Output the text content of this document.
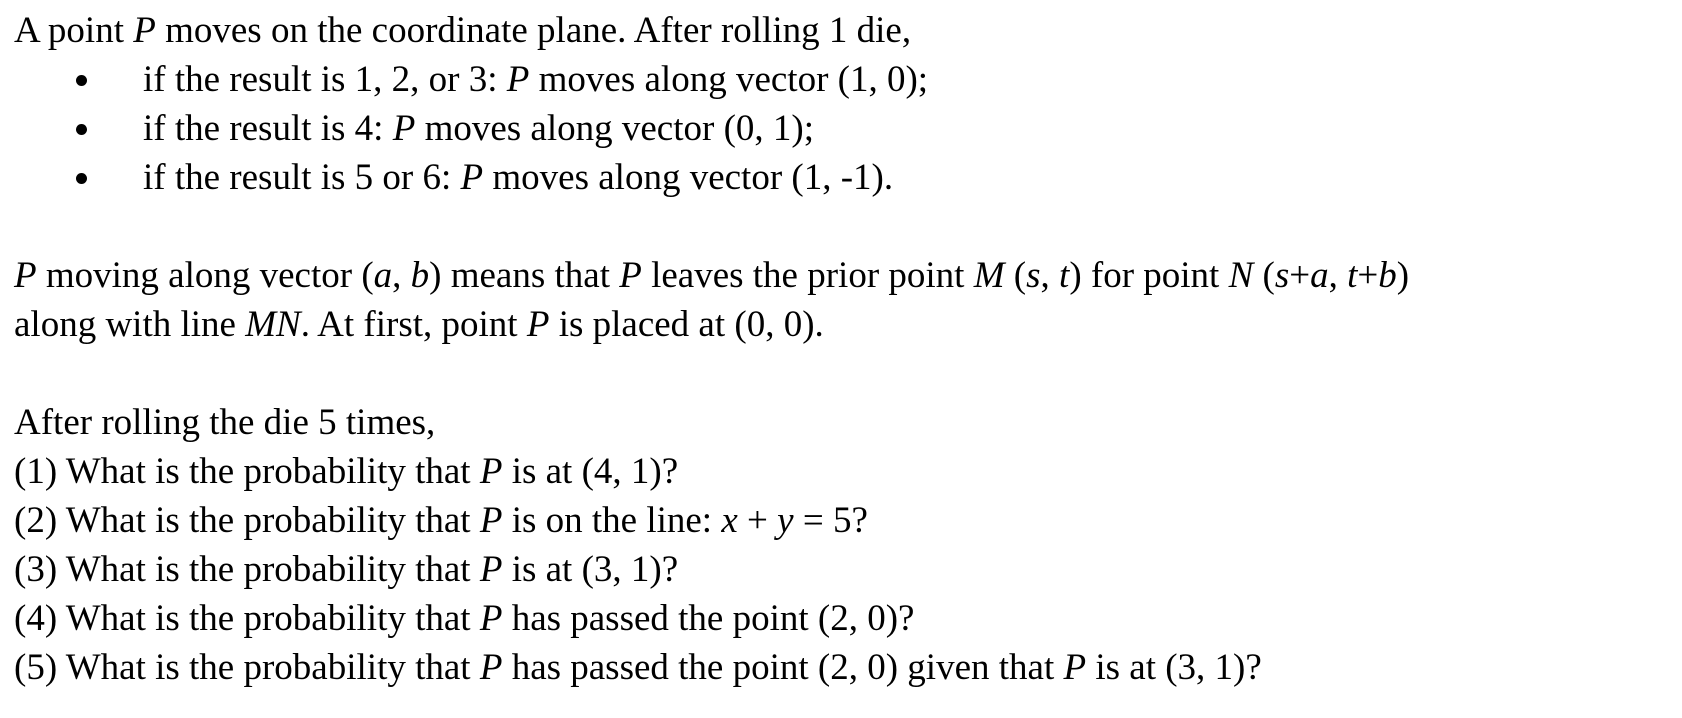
A point P moves on the coordinate plane. After rolling 1 die,
if the result is 1, 2, or 3: P moves along vector (1, 0);
if the result is 4: P moves along vector (0, 1);
if the result is 5 or 6: P moves along vector (1, -1).
P moving along vector (a, b) means that P leaves the prior point M (s, t) for point N (s+a, t+b)
along with line MN. At first, point P is placed at (0, 0).
After rolling the die 5 times,
(1) What is the probability that P is at (4, 1)?
(2) What is the probability that P is on the line: x + y = 5?
(3) What is the probability that P is at (3, 1)?
(4) What is the probability that P has passed the point (2, 0)?
(5) What is the probability that P has passed the point (2, 0) given that P is at (3, 1)?
